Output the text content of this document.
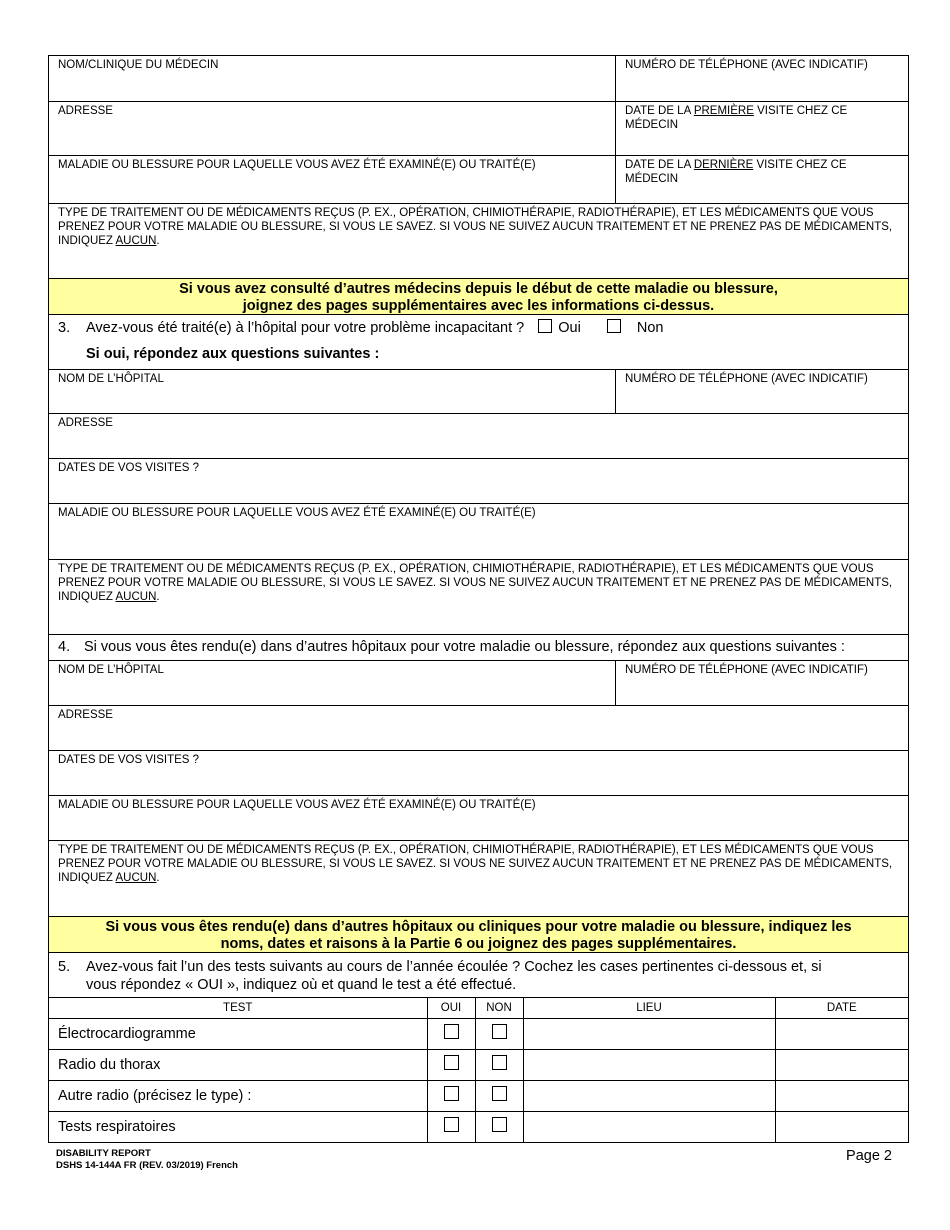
NOM/CLINIQUE DU MÉDECIN	NUMÉRO DE TÉLÉPHONE (AVEC INDICATIF)
ADRESSE	DATE DE LA PREMIÈRE VISITE CHEZ CE MÉDECIN
MALADIE OU BLESSURE POUR LAQUELLE VOUS AVEZ ÉTÉ EXAMINÉ(E) OU TRAITÉ(E)	DATE DE LA DERNIÈRE VISITE CHEZ CE MÉDECIN
TYPE DE TRAITEMENT OU DE MÉDICAMENTS REÇUS (P. EX., OPÉRATION, CHIMIOTHÉRAPIE, RADIOTHÉRAPIE), ET LES MÉDICAMENTS QUE VOUS PRENEZ POUR VOTRE MALADIE OU BLESSURE, SI VOUS LE SAVEZ. SI VOUS NE SUIVEZ AUCUN TRAITEMENT ET NE PRENEZ PAS DE MÉDICAMENTS, INDIQUEZ AUCUN.
Si vous avez consulté d’autres médecins depuis le début de cette maladie ou blessure,
joignez des pages supplémentaires avec les informations ci-dessus.
3. Avez-vous été traité(e) à l’hôpital pour votre problème incapacitant ? Oui	Non
Si oui, répondez aux questions suivantes :
NOM DE L’HÔPITAL	NUMÉRO DE TÉLÉPHONE (AVEC INDICATIF)
ADRESSE
DATES DE VOS VISITES ?
MALADIE OU BLESSURE POUR LAQUELLE VOUS AVEZ ÉTÉ EXAMINÉ(E) OU TRAITÉ(E)
TYPE DE TRAITEMENT OU DE MÉDICAMENTS REÇUS (P. EX., OPÉRATION, CHIMIOTHÉRAPIE, RADIOTHÉRAPIE), ET LES MÉDICAMENTS QUE VOUS PRENEZ POUR VOTRE MALADIE OU BLESSURE, SI VOUS LE SAVEZ. SI VOUS NE SUIVEZ AUCUN TRAITEMENT ET NE PRENEZ PAS DE MÉDICAMENTS, INDIQUEZ AUCUN.
4. Si vous vous êtes rendu(e) dans d’autres hôpitaux pour votre maladie ou blessure, répondez aux questions suivantes :
NOM DE L’HÔPITAL	NUMÉRO DE TÉLÉPHONE (AVEC INDICATIF)
ADRESSE
DATES DE VOS VISITES ?
MALADIE OU BLESSURE POUR LAQUELLE VOUS AVEZ ÉTÉ EXAMINÉ(E) OU TRAITÉ(E)
TYPE DE TRAITEMENT OU DE MÉDICAMENTS REÇUS (P. EX., OPÉRATION, CHIMIOTHÉRAPIE, RADIOTHÉRAPIE), ET LES MÉDICAMENTS QUE VOUS PRENEZ POUR VOTRE MALADIE OU BLESSURE, SI VOUS LE SAVEZ. SI VOUS NE SUIVEZ AUCUN TRAITEMENT ET NE PRENEZ PAS DE MÉDICAMENTS, INDIQUEZ AUCUN.
Si vous vous êtes rendu(e) dans d’autres hôpitaux ou cliniques pour votre maladie ou blessure, indiquez les
noms, dates et raisons à la Partie 6 ou joignez des pages supplémentaires.
5. Avez-vous fait l’un des tests suivants au cours de l’année écoulée ? Cochez les cases pertinentes ci-dessous et, si
vous répondez « OUI », indiquez où et quand le test a été effectué.
TEST	OUI	NON	LIEU	DATE
Électrocardiogramme				
Radio du thorax				
Autre radio (précisez le type) :				
Tests respiratoires				
DISABILITY REPORT
DSHS 14-144A FR (REV. 03/2019) French
Page 2
